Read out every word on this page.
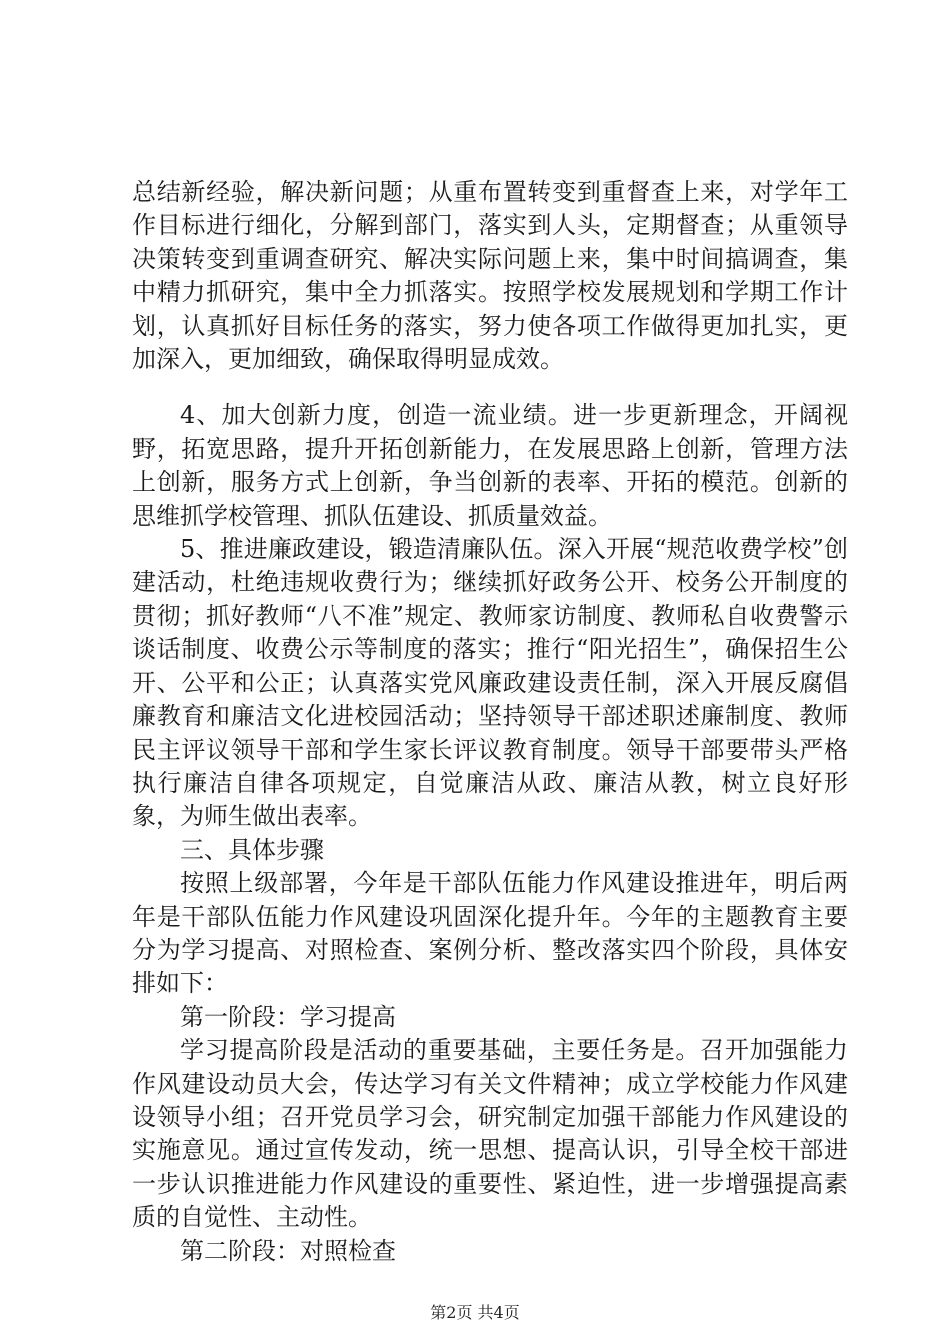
总结新经验，解决新问题；从重布置转变到重督查上来，对学年工作目标进行细化，分解到部门，落实到人头，定期督查；从重领导决策转变到重调查研究、解决实际问题上来，集中时间搞调查，集中精力抓研究，集中全力抓落实。按照学校发展规划和学期工作计划，认真抓好目标任务的落实，努力使各项工作做得更加扎实，更加深入，更加细致，确保取得明显成效。

4、加大创新力度，创造一流业绩。进一步更新理念，开阔视野，拓宽思路，提升开拓创新能力，在发展思路上创新，管理方法上创新，服务方式上创新，争当创新的表率、开拓的模范。创新的思维抓学校管理、抓队伍建设、抓质量效益。

5、推进廉政建设，锻造清廉队伍。深入开展“规范收费学校”创建活动，杜绝违规收费行为；继续抓好政务公开、校务公开制度的贯彻；抓好教师“八不准”规定、教师家访制度、教师私自收费警示谈话制度、收费公示等制度的落实；推行“阳光招生”，确保招生公开、公平和公正；认真落实党风廉政建设责任制，深入开展反腐倡廉教育和廉洁文化进校园活动；坚持领导干部述职述廉制度、教师民主评议领导干部和学生家长评议教育制度。领导干部要带头严格执行廉洁自律各项规定，自觉廉洁从政、廉洁从教，树立良好形象，为师生做出表率。

三、具体步骤

按照上级部署，今年是干部队伍能力作风建设推进年，明后两年是干部队伍能力作风建设巩固深化提升年。今年的主题教育主要分为学习提高、对照检查、案例分析、整改落实四个阶段，具体安排如下：

第一阶段：学习提高

学习提高阶段是活动的重要基础，主要任务是。召开加强能力作风建设动员大会，传达学习有关文件精神；成立学校能力作风建设领导小组；召开党员学习会，研究制定加强干部能力作风建设的实施意见。通过宣传发动，统一思想、提高认识，引导全校干部进一步认识推进能力作风建设的重要性、紧迫性，进一步增强提高素质的自觉性、主动性。

第二阶段：对照检查

第2页 共4页
